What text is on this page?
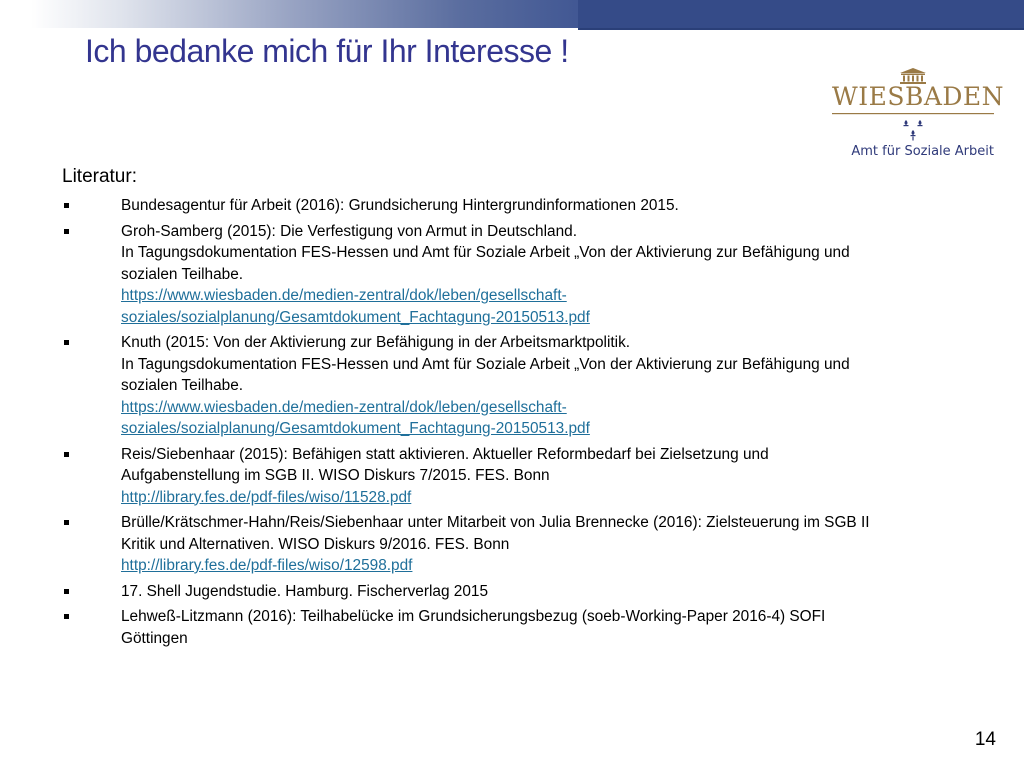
Ich bedanke mich für Ihr Interesse !
WIESBADEN
Amt für Soziale Arbeit
Literatur:
Bundesagentur für Arbeit (2016): Grundsicherung Hintergrundinformationen 2015.
Groh-Samberg (2015): Die Verfestigung von Armut in Deutschland.
In Tagungsdokumentation FES-Hessen und Amt für Soziale Arbeit „Von der Aktivierung zur Befähigung und
sozialen Teilhabe.
https://www.wiesbaden.de/medien-zentral/dok/leben/gesellschaft-
soziales/sozialplanung/Gesamtdokument_Fachtagung-20150513.pdf
Knuth (2015: Von der Aktivierung zur Befähigung in der Arbeitsmarktpolitik.
In Tagungsdokumentation FES-Hessen und Amt für Soziale Arbeit „Von der Aktivierung zur Befähigung und
sozialen Teilhabe.
https://www.wiesbaden.de/medien-zentral/dok/leben/gesellschaft-
soziales/sozialplanung/Gesamtdokument_Fachtagung-20150513.pdf
Reis/Siebenhaar (2015): Befähigen statt aktivieren. Aktueller Reformbedarf bei Zielsetzung und
Aufgabenstellung im SGB II. WISO Diskurs 7/2015. FES. Bonn
http://library.fes.de/pdf-files/wiso/11528.pdf
Brülle/Krätschmer-Hahn/Reis/Siebenhaar unter Mitarbeit von Julia Brennecke (2016): Zielsteuerung im SGB II
Kritik und Alternativen. WISO Diskurs 9/2016. FES. Bonn
http://library.fes.de/pdf-files/wiso/12598.pdf
17. Shell Jugendstudie. Hamburg. Fischerverlag 2015
Lehweß-Litzmann (2016): Teilhabelücke im Grundsicherungsbezug (soeb-Working-Paper 2016-4) SOFI
Göttingen
14
